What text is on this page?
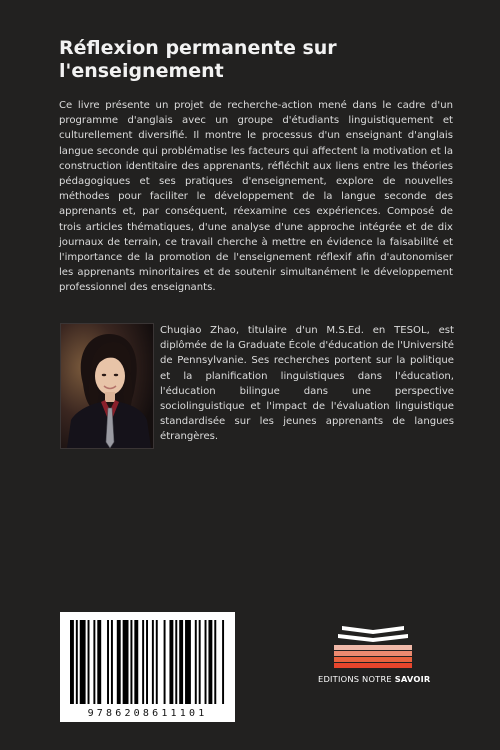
Réflexion permanente sur l'enseignement

Ce livre présente un projet de recherche-action mené dans le cadre d'un programme d'anglais avec un groupe d'étudiants linguistiquement et culturellement diversifié. Il montre le processus d'un enseignant d'anglais langue seconde qui problématise les facteurs qui affectent la motivation et la construction identitaire des apprenants, réfléchit aux liens entre les théories pédagogiques et ses pratiques d'enseignement, explore de nouvelles méthodes pour faciliter le développement de la langue seconde des apprenants et, par conséquent, réexamine ces expériences. Composé de trois articles thématiques, d'une analyse d'une approche intégrée et de dix journaux de terrain, ce travail cherche à mettre en évidence la faisabilité et l'importance de la promotion de l'enseignement réflexif afin d'autonomiser les apprenants minoritaires et de soutenir simultanément le développement professionnel des enseignants.

Chuqiao Zhao, titulaire d'un M.S.Ed. en TESOL, est diplômée de la Graduate École d'éducation de l'Université de Pennsylvanie. Ses recherches portent sur la politique et la planification linguistiques dans l'éducation, l'éducation bilingue dans une perspective sociolinguistique et l'impact de l'évaluation linguistique standardisée sur les jeunes apprenants de langues étrangères.

9786208611101
EDITIONS NOTRE SAVOIR
